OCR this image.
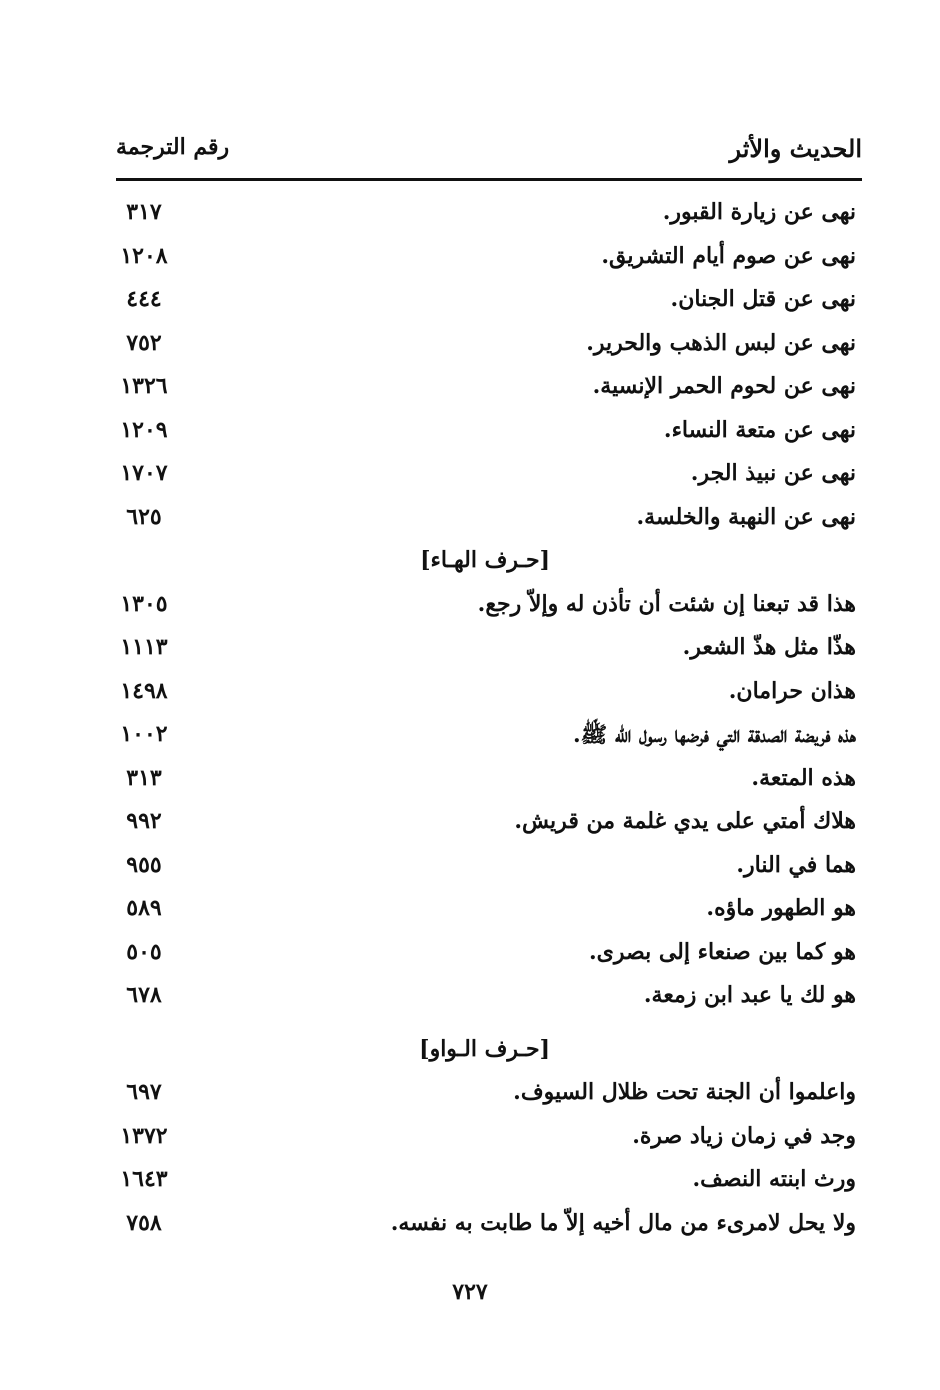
الحديث والأثر
رقم الترجمة
نهى عن زيارة القبور.
٣١٧
نهى عن صوم أيام التشريق.
١٢٠٨
نهى عن قتل الجنان.
٤٤٤
نهى عن لبس الذهب والحرير.
٧٥٢
نهى عن لحوم الحمر الإنسية.
١٣٢٦
نهى عن متعة النساء.
١٢٠٩
نهى عن نبيذ الجر.
١٧٠٧
نهى عن النهبة والخلسة.
٦٢٥
[حـرف الهـاء]
هذا قد تبعنا إن شئت أن تأذن له وإلاّ رجع.
١٣٠٥
هذّا مثل هذّ الشعر.
١١١٣
هذان حرامان.
١٤٩٨
هذه فريضة الصدقة التي فرضها رسول الله ﷺ.
١٠٠٢
هذه المتعة.
٣١٣
هلاك أمتي على يدي غلمة من قريش.
٩٩٢
هما في النار.
٩٥٥
هو الطهور ماؤه.
٥٨٩
هو كما بين صنعاء إلى بصرى.
٥٠٥
هو لك يا عبد ابن زمعة.
٦٧٨
[حـرف الـواو]
واعلموا أن الجنة تحت ظلال السيوف.
٦٩٧
وجد في زمان زياد صرة.
١٣٧٢
ورث ابنته النصف.
١٦٤٣
ولا يحل لامرىء من مال أخيه إلاّ ما طابت به نفسه.
٧٥٨
٧٢٧
